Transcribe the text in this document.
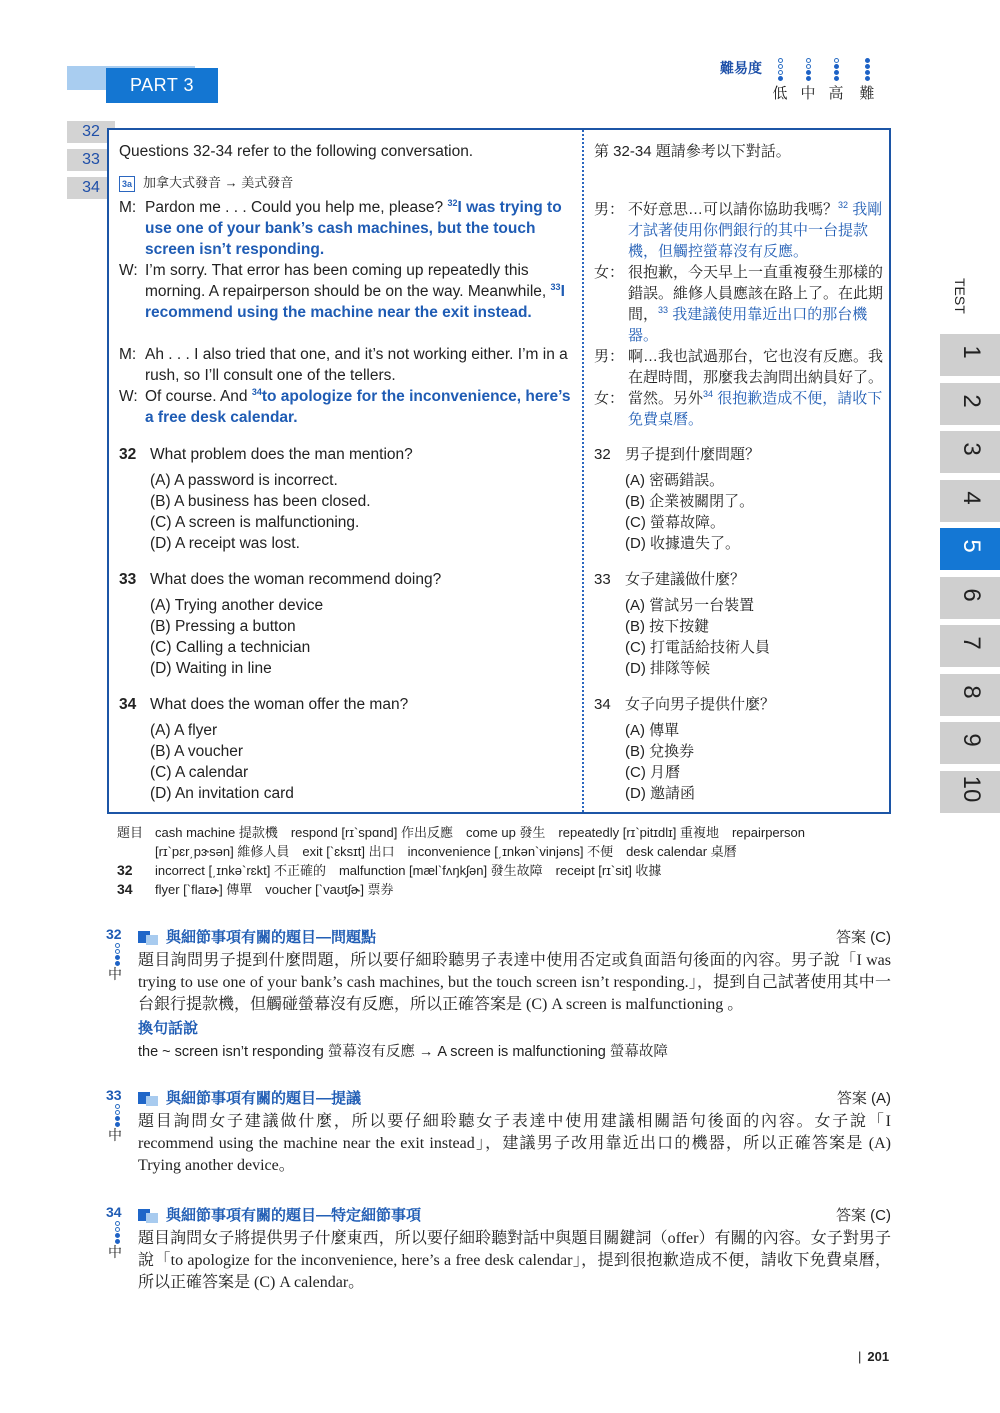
PART 3
難易度
低 中 高 難
32
33
34
Questions 32-34 refer to the following conversation.	第 32-34 題請參考以下對話。
3a 加拿大式發音 → 美式發音
M: Pardon me . . . Could you help me, please? $^{32}$I was trying to use one of your bank’s cash machines, but the touch screen isn’t responding.
W: I’m sorry. That error has been coming up repeatedly this morning. A repairperson should be on the way. Meanwhile, $^{33}$I recommend using the machine near the exit instead.
M: Ah . . . I also tried that one, and it’s not working either. I’m in a rush, so I’ll consult one of the tellers.
W: Of course. And $^{34}$to apologize for the inconvenience, here’s a free desk calendar.
男： 不好意思…可以請你協助我嗎？$^{32}$ 我剛才試著使用你們銀行的其中一台提款機，但觸控螢幕沒有反應。
女： 很抱歉，今天早上一直重複發生那樣的錯誤。維修人員應該在路上了。在此期間，$^{33}$ 我建議使用靠近出口的那台機器。
男： 啊…我也試過那台，它也沒有反應。我在趕時間，那麼我去詢問出納員好了。
女： 當然。另外$^{34}$ 很抱歉造成不便，請收下免費桌曆。
32 What problem does the man mention?
(A) A password is incorrect.
(B) A business has been closed.
(C) A screen is malfunctioning.
(D) A receipt was lost.
33 What does the woman recommend doing?
(A) Trying another device
(B) Pressing a button
(C) Calling a technician
(D) Waiting in line
34 What does the woman offer the man?
(A) A flyer
(B) A voucher
(C) A calendar
(D) An invitation card
32 男子提到什麼問題？
(A) 密碼錯誤。
(B) 企業被關閉了。
(C) 螢幕故障。
(D) 收據遺失了。
33 女子建議做什麼？
(A) 嘗試另一台裝置
(B) 按下按鍵
(C) 打電話給技術人員
(D) 排隊等候
34 女子向男子提供什麼？
(A) 傳單
(B) 兌換券
(C) 月曆
(D) 邀請函
TEST
1
2
3
4
5
6
7
8
9
10
題目 cash machine 提款機　respond [rɪ`spɑnd] 作出反應　come up 發生　repeatedly [rɪ`pitɪdlɪ] 重複地　repairperson
[rɪ`pɛr͵pɝsən] 維修人員　exit [`ɛksɪt] 出口　inconvenience [͵ɪnkən`vinjəns] 不便　desk calendar 桌曆
32 incorrect [͵ɪnkə`rɛkt] 不正確的　malfunction [mæl`fʌŋkʃən] 發生故障　receipt [rɪ`sit] 收據
34 flyer [`flaɪɚ] 傳單　voucher [`vaʊtʃɚ] 票券
32
中
與細節事項有關的題目—問題點	答案 (C)
題目詢問男子提到什麼問題，所以要仔細聆聽男子表達中使用否定或負面語句後面的內容。男子說「I was trying to use one of your bank’s cash machines, but the touch screen isn’t responding.」，提到自己試著使用其中一台銀行提款機，但觸碰螢幕沒有反應，所以正確答案是 (C) A screen is malfunctioning 。
換句話說
the ~ screen isn’t responding 螢幕沒有反應 → A screen is malfunctioning 螢幕故障
33
中
與細節事項有關的題目—提議	答案 (A)
題目詢問女子建議做什麼，所以要仔細聆聽女子表達中使用建議相關語句後面的內容。女子說「I recommend using the machine near the exit instead」，建議男子改用靠近出口的機器，所以正確答案是 (A) Trying another device。
34
中
與細節事項有關的題目—特定細節事項	答案 (C)
題目詢問女子將提供男子什麼東西，所以要仔細聆聽對話中與題目關鍵詞（offer）有關的內容。女子對男子說「to apologize for the inconvenience, here’s a free desk calendar」，提到很抱歉造成不便，請收下免費桌曆，所以正確答案是 (C) A calendar。
| 201
